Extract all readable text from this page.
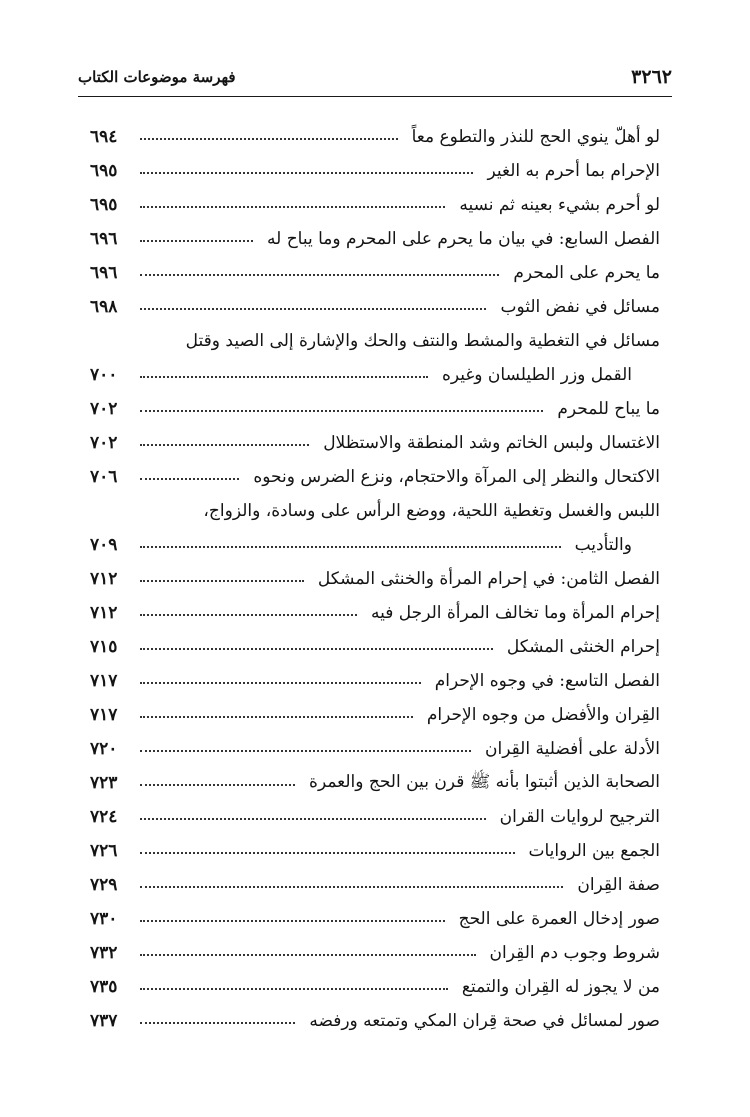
٣٢٦٢
فهرسة موضوعات الكتاب
لو أهلّ ينوي الحج للنذر والتطوع معاً
٦٩٤
الإحرام بما أحرم به الغير
٦٩٥
لو أحرم بشيء بعينه ثم نسيه
٦٩٥
الفصل السابع: في بيان ما يحرم على المحرم وما يباح له
٦٩٦
ما يحرم على المحرم
٦٩٦
مسائل في نفض الثوب
٦٩٨
مسائل في التغطية والمشط والنتف والحك والإشارة إلى الصيد وقتل
القمل وزر الطيلسان وغيره
٧٠٠
ما يباح للمحرم
٧٠٢
الاغتسال ولبس الخاتم وشد المنطقة والاستظلال
٧٠٢
الاكتحال والنظر إلى المرآة والاحتجام، ونزع الضرس ونحوه
٧٠٦
اللبس والغسل وتغطية اللحية، ووضع الرأس على وسادة، والزواج،
والتأديب
٧٠٩
الفصل الثامن: في إحرام المرأة والخنثى المشكل
٧١٢
إحرام المرأة وما تخالف المرأة الرجل فيه
٧١٢
إحرام الخنثى المشكل
٧١٥
الفصل التاسع: في وجوه الإحرام
٧١٧
القِران والأفضل من وجوه الإحرام
٧١٧
الأدلة على أفضلية القِران
٧٢٠
الصحابة الذين أثبتوا بأنه ﷺ قرن بين الحج والعمرة
٧٢٣
الترجيح لروايات القران
٧٢٤
الجمع بين الروايات
٧٢٦
صفة القِران
٧٢٩
صور إدخال العمرة على الحج
٧٣٠
شروط وجوب دم القِران
٧٣٢
من لا يجوز له القِران والتمتع
٧٣٥
صور لمسائل في صحة قِران المكي وتمتعه ورفضه
٧٣٧
